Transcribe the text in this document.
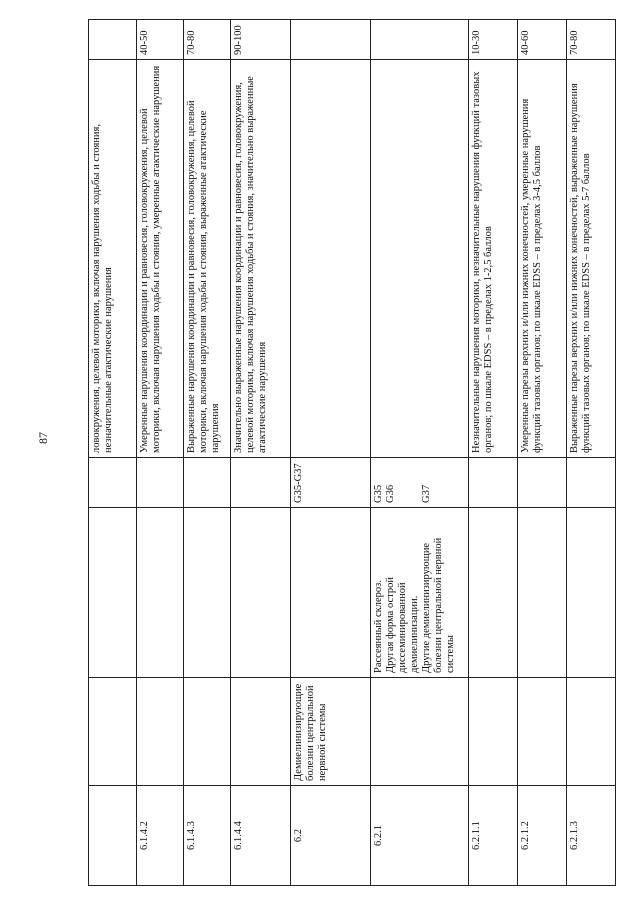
87
					ловокружения, целевой моторики, включая нарушения ходьбы и стояния, незначительные атактические нарушения	
6.1.4.2				Умеренные нарушения координации и равновесия, головокружения, целевой моторики, включая нарушения ходьбы и стояния, умеренные атактические нарушения	40-50
6.1.4.3				Выраженные нарушения координации и равновесия, головокружения, целевой моторики, включая нарушения ходьбы и стояния, выраженные атактические нарушения	70-80
6.1.4.4				Значительно выраженные нарушения координации и равновесия, головокружения, целевой моторики, включая нарушения ходьбы и стояния, значительно выраженные атактические нарушения	90-100
6.2	Демиелинизирующие болезни центральной нервной системы		G35-G37		
6.2.1		Рассеянный склероз.
Другая форма острой диссеминированной демиелинизации.
Другие демиелинизирующие болезни центральной нервной системы	G35
G36

G37		
6.2.1.1				Незначительные нарушения моторики, незначительные нарушения функций тазовых органов; по шкале EDSS – в пределах 1-2,5 баллов	10-30
6.2.1.2				Умеренные парезы верхних и/или нижних конечностей, умеренные нарушения функций тазовых органов; по шкале EDSS – в пределах 3-4,5 баллов	40-60
6.2.1.3				Выраженные парезы верхних и/или нижних конечностей, выраженные нарушения функций тазовых органов; по шкале EDSS – в пределах 5-7 баллов	70-80
